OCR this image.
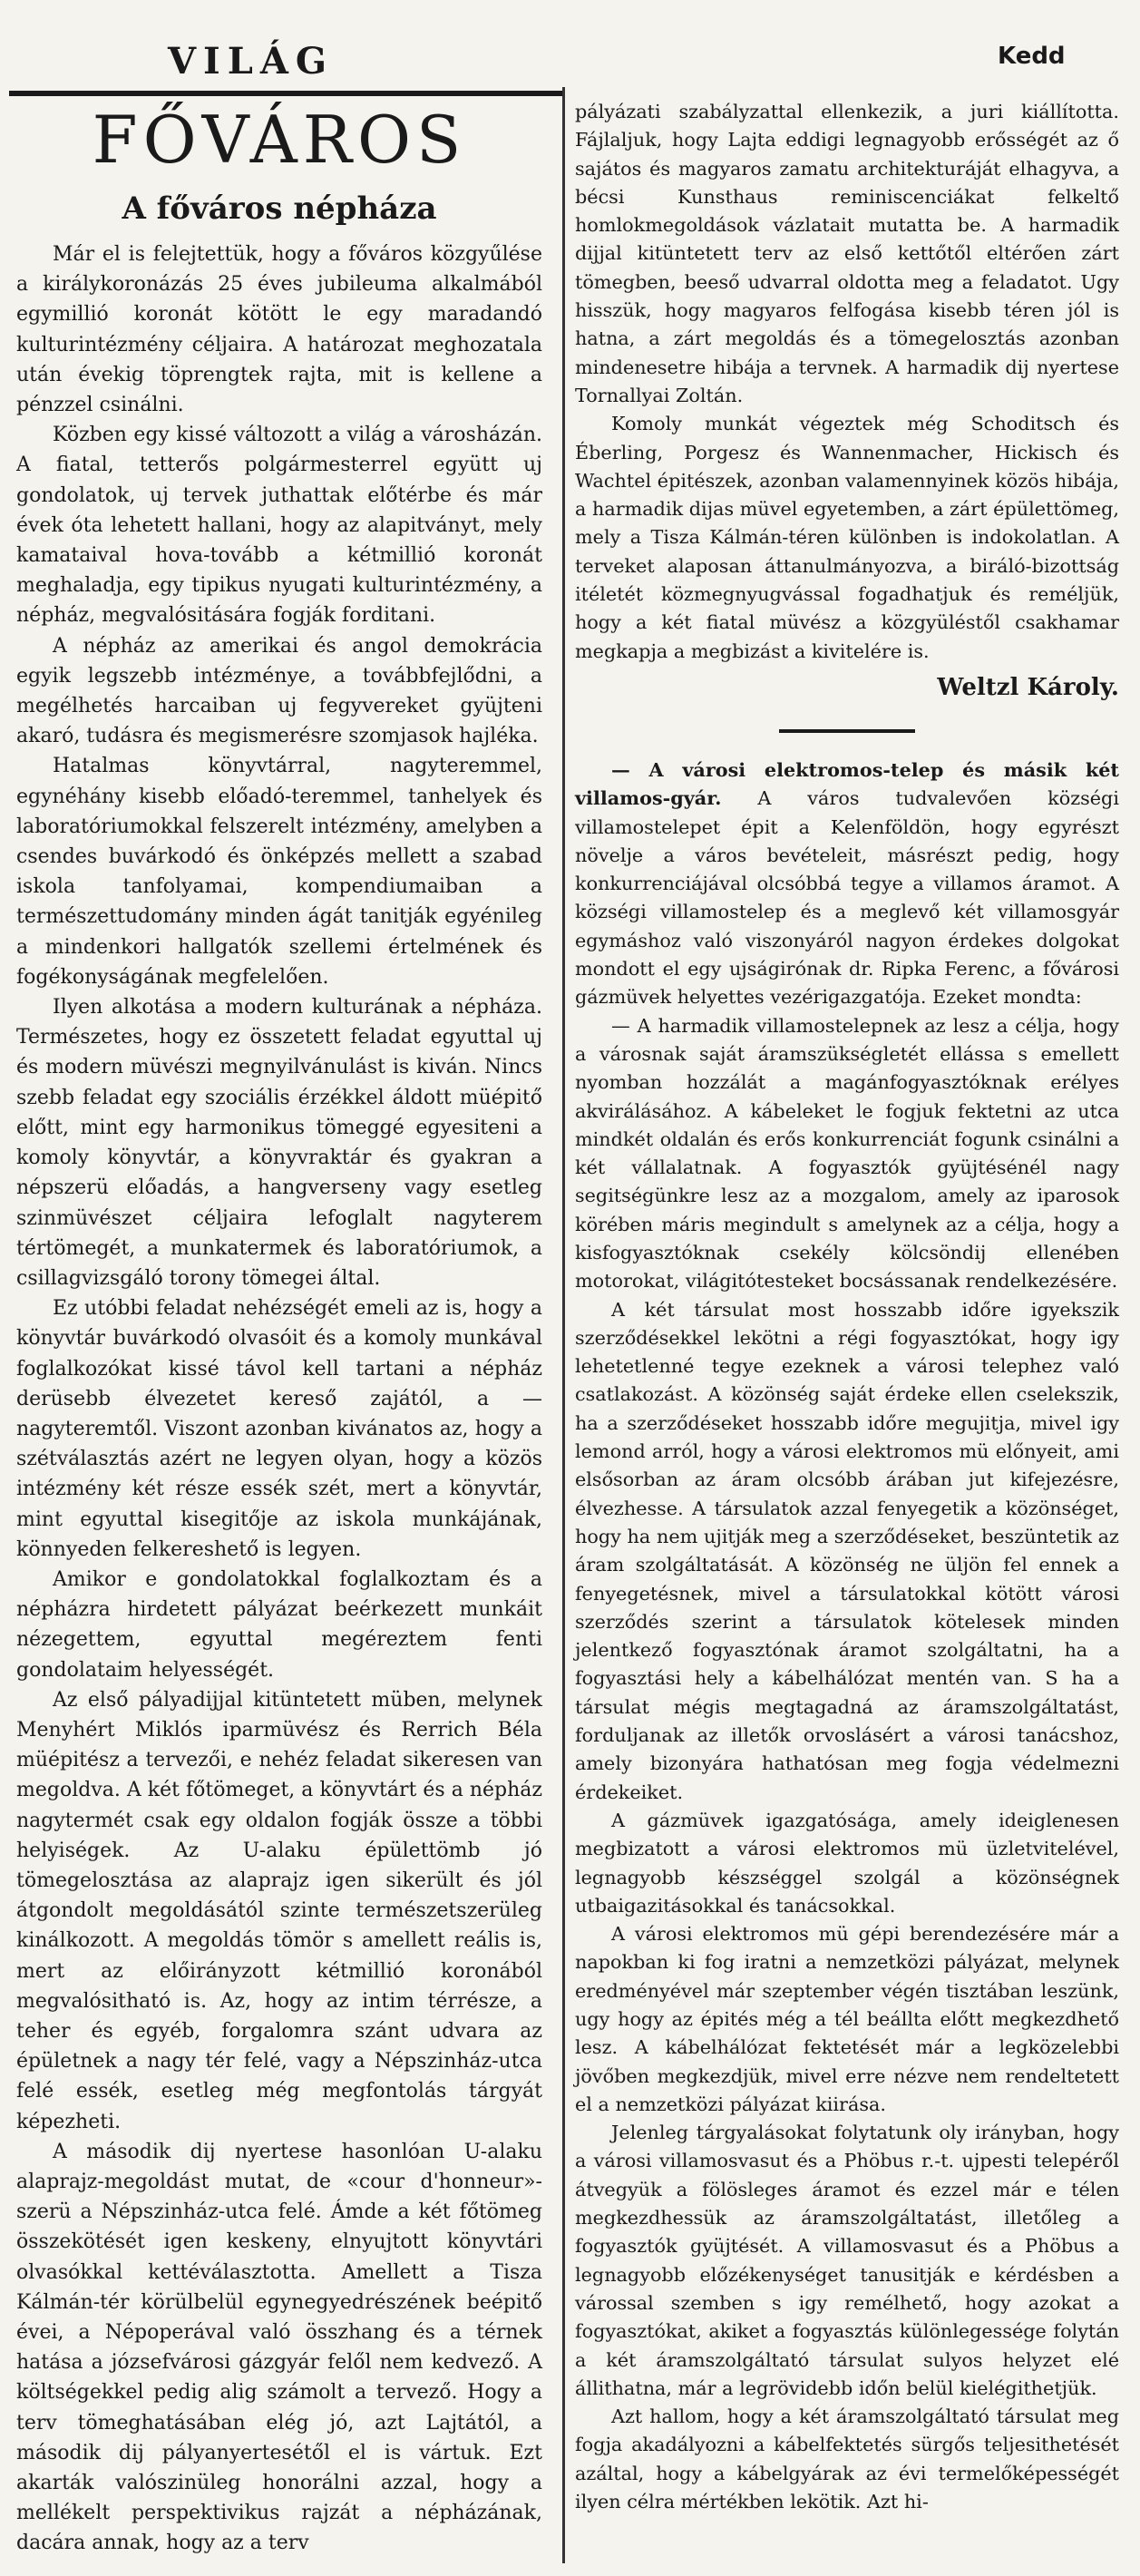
VILÁG	Kedd
FŐVÁROS
A főváros népháza

Már el is felejtettük, hogy a főváros közgyűlése a királykoronázás 25 éves jubileuma alkalmából egymillió koronát kötött le egy maradandó kulturintézmény céljaira. A határozat meghozatala után évekig töprengtek rajta, mit is kellene a pénzzel csinálni.

Közben egy kissé változott a világ a városházán. A fiatal, tetterős polgármesterrel együtt uj gondolatok, uj tervek juthattak előtérbe és már évek óta lehetett hallani, hogy az alapitványt, mely kamataival hova-tovább a kétmillió koronát meghaladja, egy tipikus nyugati kulturintézmény, a népház, megvalósitására fogják forditani.

A népház az amerikai és angol demokrácia egyik legszebb intézménye, a továbbfejlődni, a megélhetés harcaiban uj fegyvereket gyüjteni akaró, tudásra és megismerésre szomjasok hajléka.

Hatalmas könyvtárral, nagyteremmel, egynéhány kisebb előadó-teremmel, tanhelyek és laboratóriumokkal felszerelt intézmény, amelyben a csendes buvárkodó és önképzés mellett a szabad iskola tanfolyamai, kompendiumaiban a természettudomány minden ágát tanitják egyénileg a mindenkori hallgatók szellemi értelmének és fogékonyságának megfelelően.

Ilyen alkotása a modern kulturának a népháza. Természetes, hogy ez összetett feladat egyuttal uj és modern müvészi megnyilvánulást is kiván. Nincs szebb feladat egy szociális érzékkel áldott müépitő előtt, mint egy harmonikus tömeggé egyesiteni a komoly könyvtár, a könyvraktár és gyakran a népszerü előadás, a hangverseny vagy esetleg szinmüvészet céljaira lefoglalt nagyterem tértömegét, a munkatermek és laboratóriumok, a csillagvizsgáló torony tömegei által.

Ez utóbbi feladat nehézségét emeli az is, hogy a könyvtár buvárkodó olvasóit és a komoly munkával foglalkozókat kissé távol kell tartani a népház derüsebb élvezetet kereső zajától, a — nagyteremtől. Viszont azonban kivánatos az, hogy a szétválasztás azért ne legyen olyan, hogy a közös intézmény két része essék szét, mert a könyvtár, mint egyuttal kisegitője az iskola munkájának, könnyeden felkereshető is legyen.

Amikor e gondolatokkal foglalkoztam és a népházra hirdetett pályázat beérkezett munkáit nézegettem, egyuttal megéreztem fenti gondolataim helyességét.

Az első pályadijjal kitüntetett müben, melynek Menyhért Miklós iparmüvész és Rerrich Béla müépitész a tervezői, e nehéz feladat sikeresen van megoldva. A két főtömeget, a könyvtárt és a népház nagytermét csak egy oldalon fogják össze a többi helyiségek. Az U-alaku épülettömb jó tömegelosztása az alaprajz igen sikerült és jól átgondolt megoldásától szinte természetszerüleg kinálkozott. A megoldás tömör s amellett reális is, mert az előirányzott kétmillió koronából megvalósitható is. Az, hogy az intim térrésze, a teher és egyéb, forgalomra szánt udvara az épületnek a nagy tér felé, vagy a Népszinház-utca felé essék, esetleg még megfontolás tárgyát képezheti.

A második dij nyertese hasonlóan U-alaku alaprajz-megoldást mutat, de «cour d'honneur»-szerü a Népszinház-utca felé. Ámde a két főtömeg összekötését igen keskeny, elnyujtott könyvtári olvasókkal kettéválasztotta. Amellett a Tisza Kálmán-tér körülbelül egynegyedrészének beépitő évei, a Népoperával való összhang és a térnek hatása a józsefvárosi gázgyár felől nem kedvező. A költségekkel pedig alig számolt a tervező. Hogy a terv tömeghatásában elég jó, azt Lajtától, a második dij pályanyertesétől el is vártuk. Ezt akarták valószinüleg honorálni azzal, hogy a mellékelt perspektivikus rajzát a népházának, dacára annak, hogy az a terv

pályázati szabályzattal ellenkezik, a juri kiállította. Fájlaljuk, hogy Lajta eddigi legnagyobb erősségét az ő sajátos és magyaros zamatu architekturáját elhagyva, a bécsi Kunsthaus reminiscenciákat felkeltő homlokmegoldások vázlatait mutatta be. A harmadik dijjal kitüntetett terv az első kettőtől eltérően zárt tömegben, beeső udvarral oldotta meg a feladatot. Ugy hisszük, hogy magyaros felfogása kisebb téren jól is hatna, a zárt megoldás és a tömegelosztás azonban mindenesetre hibája a tervnek. A harmadik dij nyertese Tornallyai Zoltán.

Komoly munkát végeztek még Schoditsch és Éberling, Porgesz és Wannenmacher, Hickisch és Wachtel épitészek, azonban valamennyinek közös hibája, a harmadik dijas müvel egyetemben, a zárt épülettömeg, mely a Tisza Kálmán-téren különben is indokolatlan. A terveket alaposan áttanulmányozva, a biráló-bizottság itéletét közmegnyugvással fogadhatjuk és reméljük, hogy a két fiatal müvész a közgyüléstől csakhamar megkapja a megbizást a kivitelére is.

Weltzl Károly.

— A városi elektromos-telep és másik két villamos-gyár. A város tudvalevően községi villamostelepet épit a Kelenföldön, hogy egyrészt növelje a város bevételeit, másrészt pedig, hogy konkurrenciájával olcsóbbá tegye a villamos áramot. A községi villamostelep és a meglevő két villamosgyár egymáshoz való viszonyáról nagyon érdekes dolgokat mondott el egy ujságirónak dr. Ripka Ferenc, a fővárosi gázmüvek helyettes vezérigazgatója. Ezeket mondta:

— A harmadik villamostelepnek az lesz a célja, hogy a városnak saját áramszükségletét ellássa s emellett nyomban hozzálát a magánfogyasztóknak erélyes akvirálásához. A kábeleket le fogjuk fektetni az utca mindkét oldalán és erős konkurrenciát fogunk csinálni a két vállalatnak. A fogyasztók gyüjtésénél nagy segitségünkre lesz az a mozgalom, amely az iparosok körében máris megindult s amelynek az a célja, hogy a kisfogyasztóknak csekély kölcsöndij ellenében motorokat, világitótesteket bocsássanak rendelkezésére.

A két társulat most hosszabb időre igyekszik szerződésekkel lekötni a régi fogyasztókat, hogy igy lehetetlenné tegye ezeknek a városi telephez való csatlakozást. A közönség saját érdeke ellen cselekszik, ha a szerződéseket hosszabb időre megujitja, mivel igy lemond arról, hogy a városi elektromos mü előnyeit, ami elsősorban az áram olcsóbb árában jut kifejezésre, élvezhesse. A társulatok azzal fenyegetik a közönséget, hogy ha nem ujitják meg a szerződéseket, beszüntetik az áram szolgáltatását. A közönség ne üljön fel ennek a fenyegetésnek, mivel a társulatokkal kötött városi szerződés szerint a társulatok kötelesek minden jelentkező fogyasztónak áramot szolgáltatni, ha a fogyasztási hely a kábelhálózat mentén van. S ha a társulat mégis megtagadná az áramszolgáltatást, forduljanak az illetők orvoslásért a városi tanácshoz, amely bizonyára hathatósan meg fogja védelmezni érdekeiket.

A gázmüvek igazgatósága, amely ideiglenesen megbizatott a városi elektromos mü üzletvitelével, legnagyobb készséggel szolgál a közönségnek utbaigazitásokkal és tanácsokkal.

A városi elektromos mü gépi berendezésére már a napokban ki fog iratni a nemzetközi pályázat, melynek eredményével már szeptember végén tisztában leszünk, ugy hogy az épités még a tél beállta előtt megkezdhető lesz. A kábelhálózat fektetését már a legközelebbi jövőben megkezdjük, mivel erre nézve nem rendeltetett el a nemzetközi pályázat kiirása.

Jelenleg tárgyalásokat folytatunk oly irányban, hogy a városi villamosvasut és a Phöbus r.-t. ujpesti telepéről átvegyük a fölösleges áramot és ezzel már e télen megkezdhessük az áramszolgáltatást, illetőleg a fogyasztók gyüjtését. A villamosvasut és a Phöbus a legnagyobb előzékenységet tanusitják e kérdésben a várossal szemben s igy remélhető, hogy azokat a fogyasztókat, akiket a fogyasztás különlegessége folytán a két áramszolgáltató társulat sulyos helyzet elé állithatna, már a legrövidebb időn belül kielégithetjük.

Azt hallom, hogy a két áramszolgáltató társulat meg fogja akadályozni a kábelfektetés sürgős teljesithetését azáltal, hogy a kábelgyárak az évi termelőképességét ilyen célra mértékben lekötik. Azt hi-
